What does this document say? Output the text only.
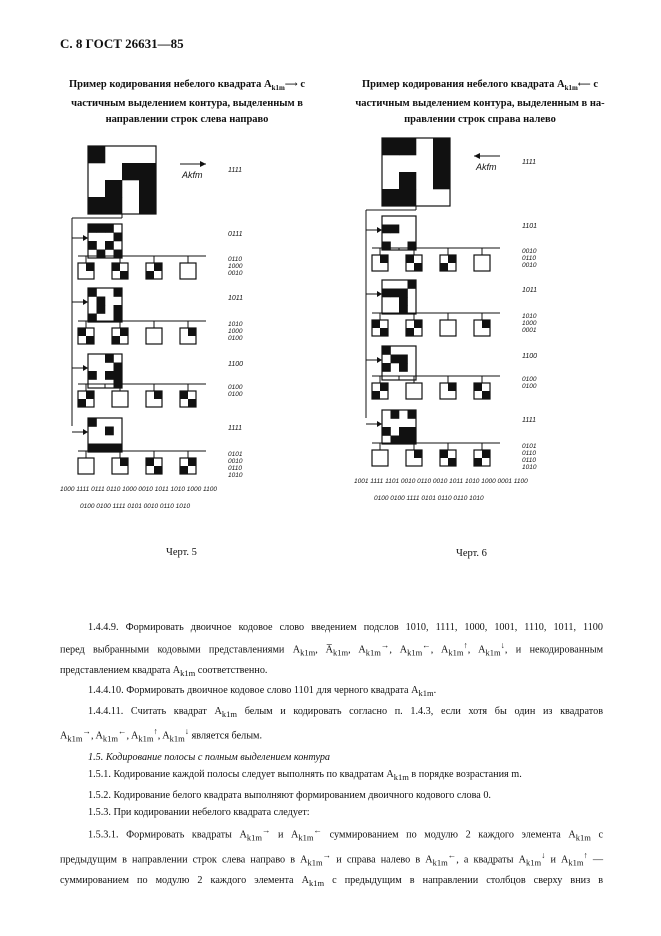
С. 8 ГОСТ 26631—85
Пример кодирования небелого квадрата $A_{k1m}⟶$ с
частичным выделением контура, выделенным в
направлении строк слева направо
Пример кодирования небелого квадрата $A_{k1m}⟵$ с
частичным выделением контура, выделенным в на-
правлении строк справа налево
Akfm	1111
0111
0110
1000
0010
1011
1010
1000
0100
1100
0100
0100
1111
0101
0010
0110
1010
1000 1111 0111 0110 1000 0010 1011 1010 1000 1100
0100 0100 1111 0101 0010 0110 1010
Akfm	1111
1101
0010
0110
0010
1011
1010
1000
0001
1100
0100
0100
1111
0101
0110
0110
1010
1001 1111 1101 0010 0110 0010 1011 1010 1000 0001 1100
0100 0100 1111 0101 0110 0110 1010
Черт. 5	Черт. 6

1.4.4.9. Формировать двоичное кодовое слово введением подслов 1010, 1111, 1000, 1001, 1110, 1011, 1100

перед выбранными кодовыми представлениями $A_{k1m}$, $A̅_{k1m}$, $A_{k1m}^\to$, $A_{k1m}^\leftarrow$, $A_{k1m}^↑$, $A_{k1m}^↓$, и некодированным

представлением квадрата $A_{k1m}$ соответственно.

1.4.4.10. Формировать двоичное кодовое слово 1101 для черного квадрата $A_{k1m}$.

1.4.4.11. Считать квадрат $A_{k1m}$ белым и кодировать согласно п. 1.4.3, если хотя бы один из квадратов

$A_{k1m}^\to$, $A_{k1m}^\leftarrow$, $A_{k1m}^↑$, $A_{k1m}^↓$ является белым.

1.5. Кодирование полосы с полным выделением контура

1.5.1. Кодирование каждой полосы следует выполнять по квадратам $A_{k1m}$ в порядке возрастания m.

1.5.2. Кодирование белого квадрата выполняют формированием двоичного кодового слова 0.

1.5.3. При кодировании небелого квадрата следует:

1.5.3.1. Формировать квадраты $A_{k1m}^\to$ и $A_{k1m}^\leftarrow$ суммированием по модулю 2 каждого элемента $A_{k1m}$ с

предыдущим в направлении строк слева направо в $A_{k1m}^\to$ и справа налево в $A_{k1m}^\leftarrow$, а квадраты $A_{k1m}^↓$ и $A_{k1m}^↑$ —

суммированием по модулю 2 каждого элемента $A_{k1m}$ с предыдущим в направлении столбцов сверху вниз в
